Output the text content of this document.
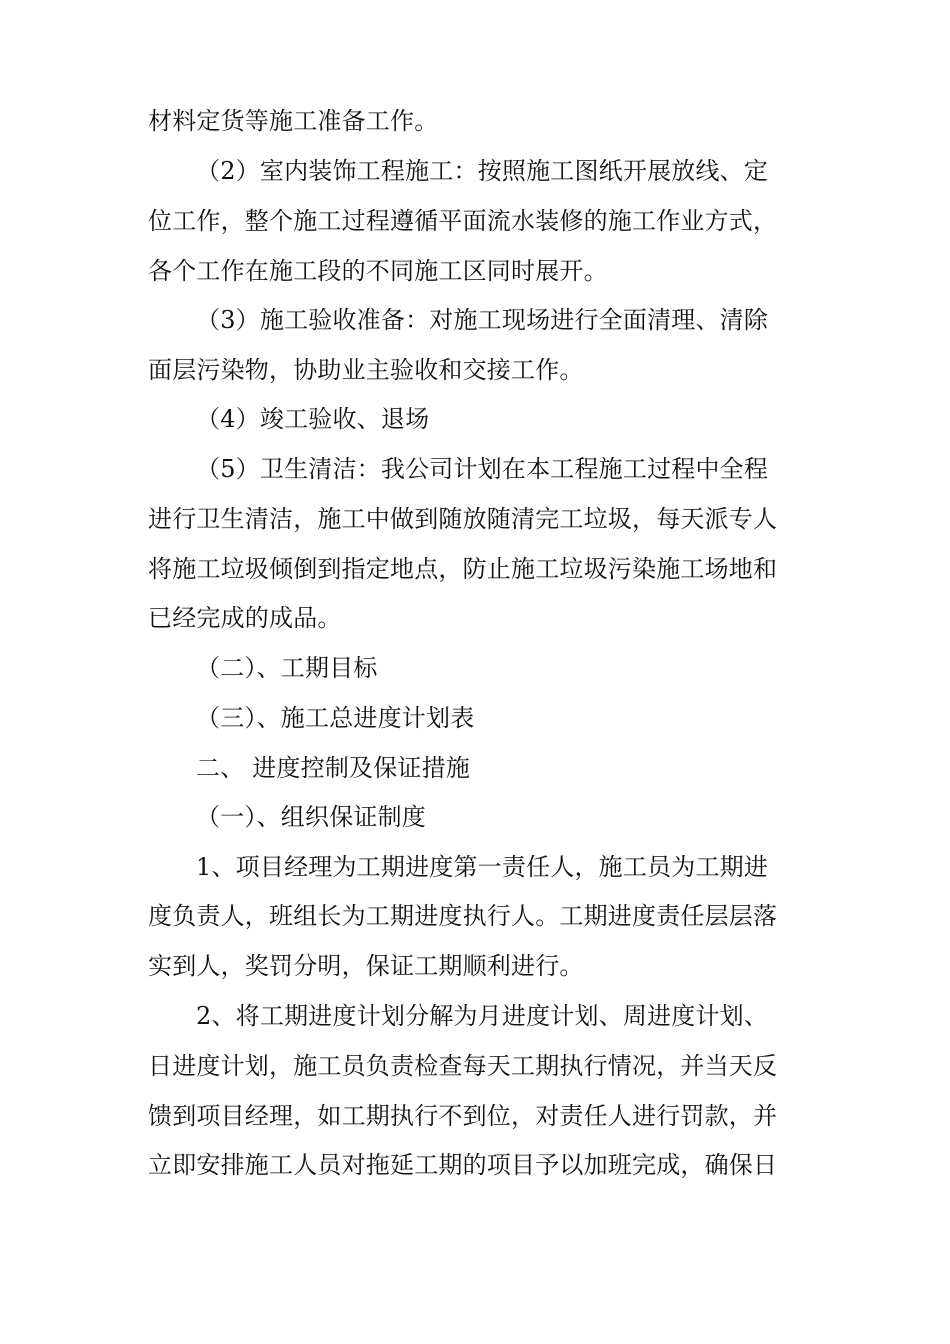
材料定货等施工准备工作。
（2）室内装饰工程施工：按照施工图纸开展放线、定
位工作，整个施工过程遵循平面流水装修的施工作业方式，
各个工作在施工段的不同施工区同时展开。
（3）施工验收准备：对施工现场进行全面清理、清除
面层污染物，协助业主验收和交接工作。
（4）竣工验收、退场
（5）卫生清洁：我公司计划在本工程施工过程中全程
进行卫生清洁，施工中做到随放随清完工垃圾，每天派专人
将施工垃圾倾倒到指定地点，防止施工垃圾污染施工场地和
已经完成的成品。
（二）、工期目标
（三）、施工总进度计划表
二、 进度控制及保证措施
（一）、组织保证制度
1、项目经理为工期进度第一责任人，施工员为工期进
度负责人，班组长为工期进度执行人。工期进度责任层层落
实到人，奖罚分明，保证工期顺利进行。
2、将工期进度计划分解为月进度计划、周进度计划、
日进度计划，施工员负责检查每天工期执行情况，并当天反
馈到项目经理，如工期执行不到位，对责任人进行罚款，并
立即安排施工人员对拖延工期的项目予以加班完成，确保日
